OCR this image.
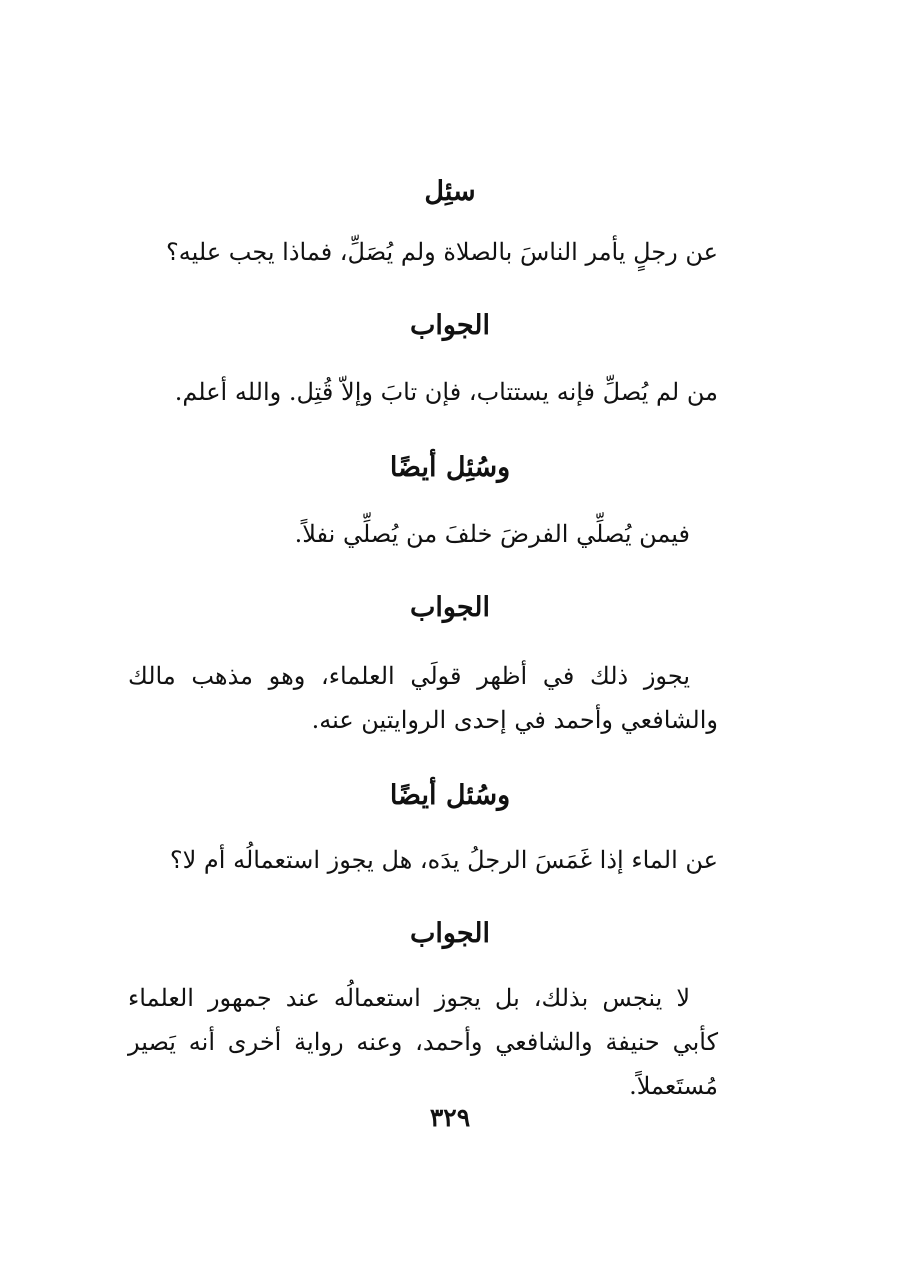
سئِل

عن رجلٍ يأمر الناسَ بالصلاة ولم يُصَلِّ، فماذا يجب عليه؟

الجواب

من لم يُصلِّ فإنه يستتاب، فإن تابَ وإلاّ قُتِل. والله أعلم.

وسُئِل أيضًا

فيمن يُصلِّي الفرضَ خلفَ من يُصلِّي نفلاً.

الجواب

يجوز ذلك في أظهر قولَي العلماء، وهو مذهب مالك والشافعي وأحمد في إحدى الروايتين عنه.

وسُئل أيضًا

عن الماء إذا غَمَسَ الرجلُ يدَه، هل يجوز استعمالُه أم لا؟

الجواب

لا ينجس بذلك، بل يجوز استعمالُه عند جمهور العلماء كأبي حنيفة والشافعي وأحمد، وعنه رواية أخرى أنه يَصير مُستَعملاً.

٣٢٩
